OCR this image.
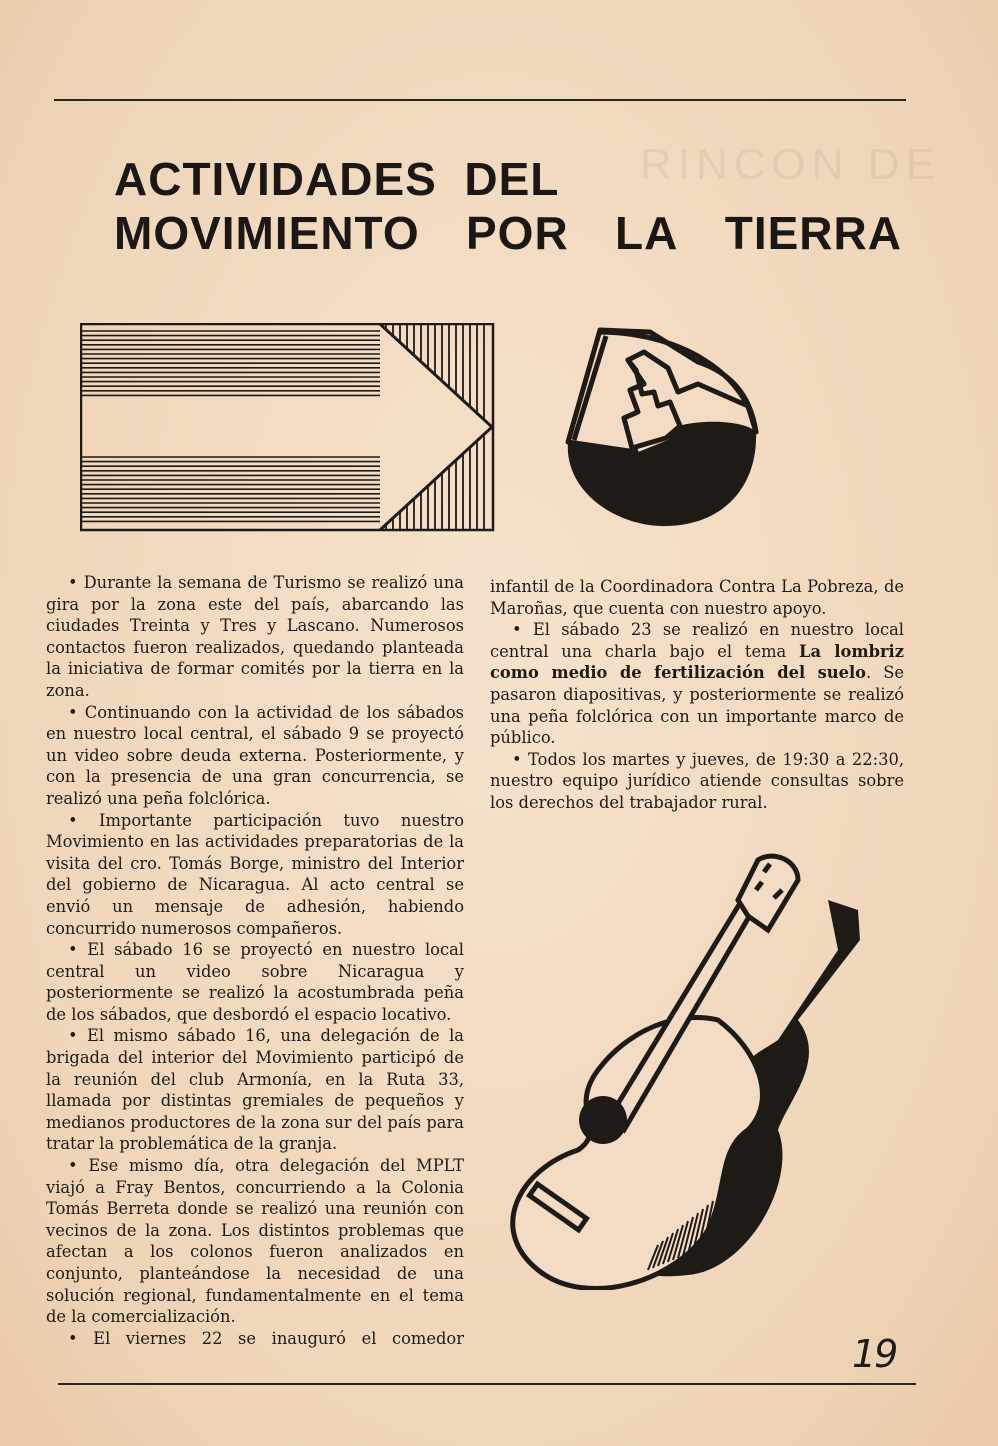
RINCON DE
ACTIVIDADES  DEL
MOVIMIENTO POR LA TIERRA

• Durante la semana de Turismo se realizó una gira por la zona este del país, abarcando las ciudades Treinta y Tres y Lascano. Numerosos contactos fueron realizados, quedando planteada la iniciativa de formar comités por la tierra en la zona.

• Continuando con la actividad de los sábados en nuestro local central, el sábado 9 se proyectó un video sobre deuda externa. Posteriormente, y con la presencia de una gran concurrencia, se realizó una peña folclórica.

• Importante participación tuvo nuestro Movimiento en las actividades preparatorias de la visita del cro. Tomás Borge, ministro del Interior del gobierno de Nicaragua. Al acto central se envió un mensaje de adhesión, habiendo concurrido numerosos compañeros.

• El sábado 16 se proyectó en nuestro local central un video sobre Nicaragua y posteriormente se realizó la acostumbrada peña de los sábados, que desbordó el espacio locativo.

• El mismo sábado 16, una delegación de la brigada del interior del Movimiento participó de la reunión del club Armonía, en la Ruta 33, llamada por distintas gremiales de pequeños y medianos productores de la zona sur del país para tratar la problemática de la granja.

• Ese mismo día, otra delegación del MPLT viajó a Fray Bentos, concurriendo a la Colonia Tomás Berreta donde se realizó una reunión con vecinos de la zona. Los distintos problemas que afectan a los colonos fueron analizados en conjunto, planteándose la necesidad de una solución regional, fundamentalmente en el tema de la comercialización.

• El viernes 22 se inauguró el comedor

infantil de la Coordinadora Contra La Pobreza, de Maroñas, que cuenta con nuestro apoyo.

• El sábado 23 se realizó en nuestro local central una charla bajo el tema La lombriz como medio de fertilización del suelo. Se pasaron diapositivas, y posteriormente se realizó una peña folclórica con un importante marco de público.

• Todos los martes y jueves, de 19:30 a 22:30, nuestro equipo jurídico atiende consultas sobre los derechos del trabajador rural.

19
